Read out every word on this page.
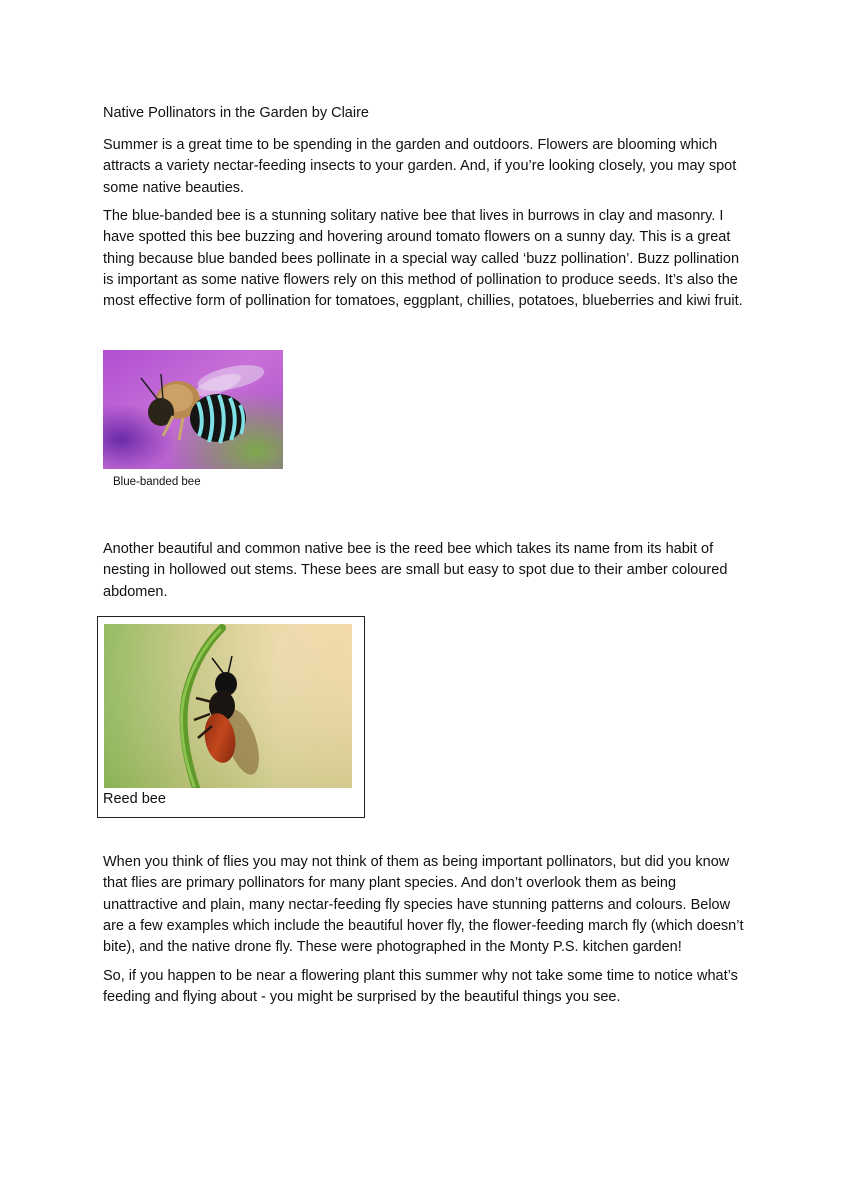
Native Pollinators in the Garden by Claire

Summer is a great time to be spending in the garden and outdoors. Flowers are blooming which attracts a variety nectar-feeding insects to your garden. And, if you’re looking closely, you may spot some native beauties.

The blue-banded bee is a stunning solitary native bee that lives in burrows in clay and masonry. I have spotted this bee buzzing and hovering around tomato flowers on a sunny day. This is a great thing because blue banded bees pollinate in a special way called ‘buzz pollination’. Buzz pollination is important as some native flowers rely on this method of pollination to produce seeds. It’s also the most effective form of pollination for tomatoes, eggplant, chillies, potatoes, blueberries and kiwi fruit.

Blue-banded bee

Another beautiful and common native bee is the reed bee which takes its name from its habit of nesting in hollowed out stems. These bees are small but easy to spot due to their amber coloured abdomen.

Reed bee

When you think of flies you may not think of them as being important pollinators, but did you know that flies are primary pollinators for many plant species. And don’t overlook them as being unattractive and plain, many nectar-feeding fly species have stunning patterns and colours. Below are a few examples which include the beautiful hover fly, the flower-feeding march fly (which doesn’t bite), and the native drone fly. These were photographed in the Monty P.S. kitchen garden!

So, if you happen to be near a flowering plant this summer why not take some time to notice what’s feeding and flying about - you might be surprised by the beautiful things you see.
